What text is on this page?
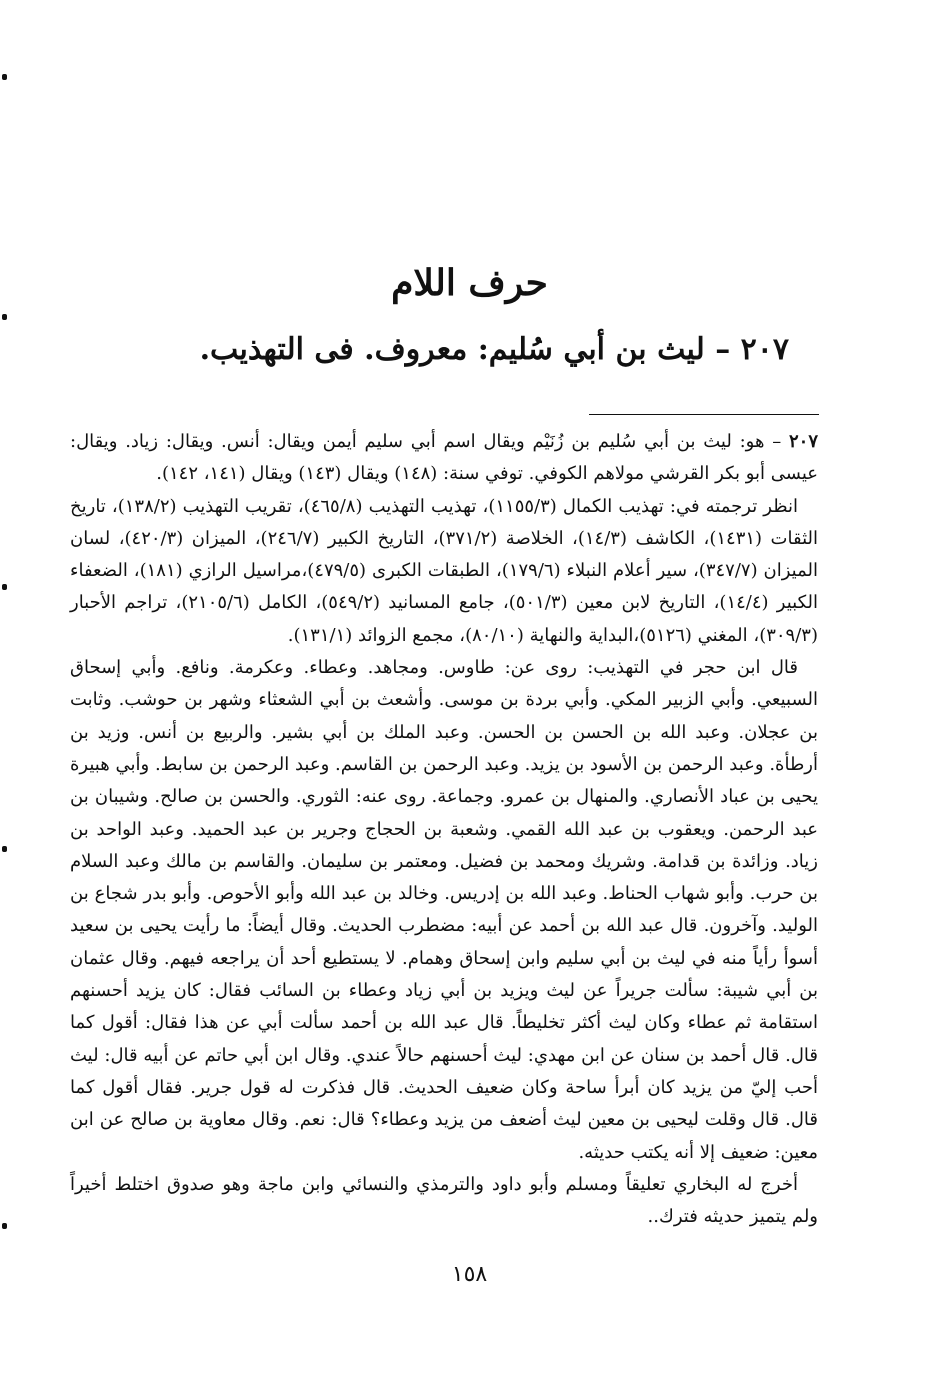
حرف اللام
٢٠٧ – ليث بن أبي سُليم: معروف. فى التهذيب.

٢٠٧ – هو: ليث بن أبي سُليم بن زُنَيْم ويقال اسم أبي سليم أيمن ويقال: أنس. ويقال: زياد. ويقال: عيسى أبو بكر القرشي مولاهم الكوفي. توفي سنة: (١٤٨) ويقال (١٤٣) ويقال (١٤١، ١٤٢).

انظر ترجمته في: تهذيب الكمال (١١٥٥/٣)، تهذيب التهذيب (٤٦٥/٨)، تقريب التهذيب (١٣٨/٢)، تاريخ الثقات (١٤٣١)، الكاشف (١٤/٣)، الخلاصة (٣٧١/٢)، التاريخ الكبير (٢٤٦/٧)، الميزان (٤٢٠/٣)، لسان الميزان (٣٤٧/٧)، سير أعلام النبلاء (١٧٩/٦)، الطبقات الكبرى (٤٧٩/٥)،مراسيل الرازي (١٨١)، الضعفاء الكبير (١٤/٤)، التاريخ لابن معين (٥٠١/٣)، جامع المسانيد (٥٤٩/٢)، الكامل (٢١٠٥/٦)، تراجم الأحبار (٣٠٩/٣)، المغني (٥١٢٦)،البداية والنهاية (٨٠/١٠)، مجمع الزوائد (١٣١/١).

قال ابن حجر في التهذيب: روى عن: طاوس. ومجاهد. وعطاء. وعكرمة. ونافع. وأبي إسحاق السبيعي. وأبي الزبير المكي. وأبي بردة بن موسى. وأشعث بن أبي الشعثاء وشهر بن حوشب. وثابت بن عجلان. وعبد الله بن الحسن بن الحسن. وعبد الملك بن أبي بشير. والربيع بن أنس. وزيد بن أرطأة. وعبد الرحمن بن الأسود بن يزيد. وعبد الرحمن بن القاسم. وعبد الرحمن بن سابط. وأبي هبيرة يحيى بن عباد الأنصاري. والمنهال بن عمرو. وجماعة. روى عنه: الثوري. والحسن بن صالح. وشيبان بن عبد الرحمن. ويعقوب بن عبد الله القمي. وشعبة بن الحجاج وجرير بن عبد الحميد. وعبد الواحد بن زياد. وزائدة بن قدامة. وشريك ومحمد بن فضيل. ومعتمر بن سليمان. والقاسم بن مالك وعبد السلام بن حرب. وأبو شهاب الحناط. وعبد الله بن إدريس. وخالد بن عبد الله وأبو الأحوص. وأبو بدر شجاع بن الوليد. وآخرون. قال عبد الله بن أحمد عن أبيه: مضطرب الحديث. وقال أيضاً: ما رأيت يحيى بن سعيد أسوأ رأياً منه في ليث بن أبي سليم وابن إسحاق وهمام. لا يستطيع أحد أن يراجعه فيهم. وقال عثمان بن أبي شيبة: سألت جريراً عن ليث ويزيد بن أبي زياد وعطاء بن السائب فقال: كان يزيد أحسنهم استقامة ثم عطاء وكان ليث أكثر تخليطاً. قال عبد الله بن أحمد سألت أبي عن هذا فقال: أقول كما قال. قال أحمد بن سنان عن ابن مهدي: ليث أحسنهم حالاً عندي. وقال ابن أبي حاتم عن أبيه قال: ليث أحب إليّ من يزيد كان أبرأ ساحة وكان ضعيف الحديث. قال فذكرت له قول جرير. فقال أقول كما قال. قال وقلت ليحيى بن معين ليث أضعف من يزيد وعطاء؟ قال: نعم. وقال معاوية بن صالح عن ابن معين: ضعيف إلا أنه يكتب حديثه.

أخرج له البخاري تعليقاً ومسلم وأبو داود والترمذي والنسائي وابن ماجة وهو صدوق اختلط أخيراً ولم يتميز حديثه فترك..

١٥٨
